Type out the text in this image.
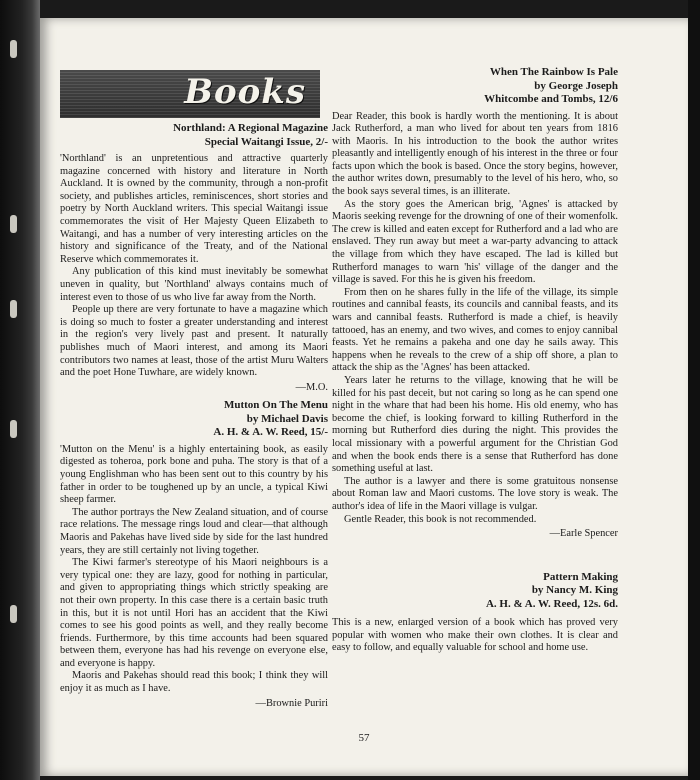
Books
Northland: A Regional Magazine
Special Waitangi Issue, 2/-

'Northland' is an unpretentious and attractive quarterly magazine concerned with history and literature in North Auckland. It is owned by the community, through a non-profit society, and publishes articles, reminiscences, short stories and poetry by North Auckland writers. This special Waitangi issue commemorates the visit of Her Majesty Queen Elizabeth to Waitangi, and has a number of very interesting articles on the history and significance of the Treaty, and of the National Reserve which commemorates it.

Any publication of this kind must inevitably be somewhat uneven in quality, but 'Northland' always contains much of interest even to those of us who live far away from the North.

People up there are very fortunate to have a magazine which is doing so much to foster a greater understanding and interest in the region's very lively past and present. It naturally publishes much of Maori interest, and among its Maori contributors two names at least, those of the artist Muru Walters and the poet Hone Tuwhare, are widely known.

—M.O.
Mutton On The Menu
by Michael Davis
A. H. & A. W. Reed, 15/-

'Mutton on the Menu' is a highly entertaining book, as easily digested as toheroa, pork bone and puha. The story is that of a young Englishman who has been sent out to this country by his father in order to be toughened up by an uncle, a typical Kiwi sheep farmer.

The author portrays the New Zealand situation, and of course race relations. The message rings loud and clear—that although Maoris and Pakehas have lived side by side for the last hundred years, they are still certainly not living together.

The Kiwi farmer's stereotype of his Maori neighbours is a very typical one: they are lazy, good for nothing in particular, and given to appropriating things which strictly speaking are not their own property. In this case there is a certain basic truth in this, but it is not until Hori has an accident that the Kiwi comes to see his good points as well, and they really become friends. Furthermore, by this time accounts had been squared between them, everyone has had his revenge on everyone else, and everyone is happy.

Maoris and Pakehas should read this book; I think they will enjoy it as much as I have.

—Brownie Puriri
When The Rainbow Is Pale
by George Joseph
Whitcombe and Tombs, 12/6

Dear Reader, this book is hardly worth the mentioning. It is about Jack Rutherford, a man who lived for about ten years from 1816 with Maoris. In his introduction to the book the author writes pleasantly and intelligently enough of his interest in the three or four facts upon which the book is based. Once the story begins, however, the author writes down, presumably to the level of his hero, who, so the book says several times, is an illiterate.

As the story goes the American brig, 'Agnes' is attacked by Maoris seeking revenge for the drowning of one of their womenfolk. The crew is killed and eaten except for Rutherford and a lad who are enslaved. They run away but meet a war-party advancing to attack the village from which they have escaped. The lad is killed but Rutherford manages to warn 'his' village of the danger and the village is saved. For this he is given his freedom.

From then on he shares fully in the life of the village, its simple routines and cannibal feasts, its councils and cannibal feasts, and its wars and cannibal feasts. Rutherford is made a chief, is heavily tattooed, has an enemy, and two wives, and comes to enjoy cannibal feasts. Yet he remains a pakeha and one day he sails away. This happens when he reveals to the crew of a ship off shore, a plan to attack the ship as the 'Agnes' has been attacked.

Years later he returns to the village, knowing that he will be killed for his past deceit, but not caring so long as he can spend one night in the whare that had been his home. His old enemy, who has become the chief, is looking forward to killing Rutherford in the morning but Rutherford dies during the night. This provides the local missionary with a powerful argument for the Christian God and when the book ends there is a sense that Rutherford has done something useful at last.

The author is a lawyer and there is some gratuitous nonsense about Roman law and Maori customs. The love story is weak. The author's idea of life in the Maori village is vulgar.

Gentle Reader, this book is not recommended.

—Earle Spencer
Pattern Making
by Nancy M. King
A. H. & A. W. Reed, 12s. 6d.

This is a new, enlarged version of a book which has proved very popular with women who make their own clothes. It is clear and easy to follow, and equally valuable for school and home use.

57
